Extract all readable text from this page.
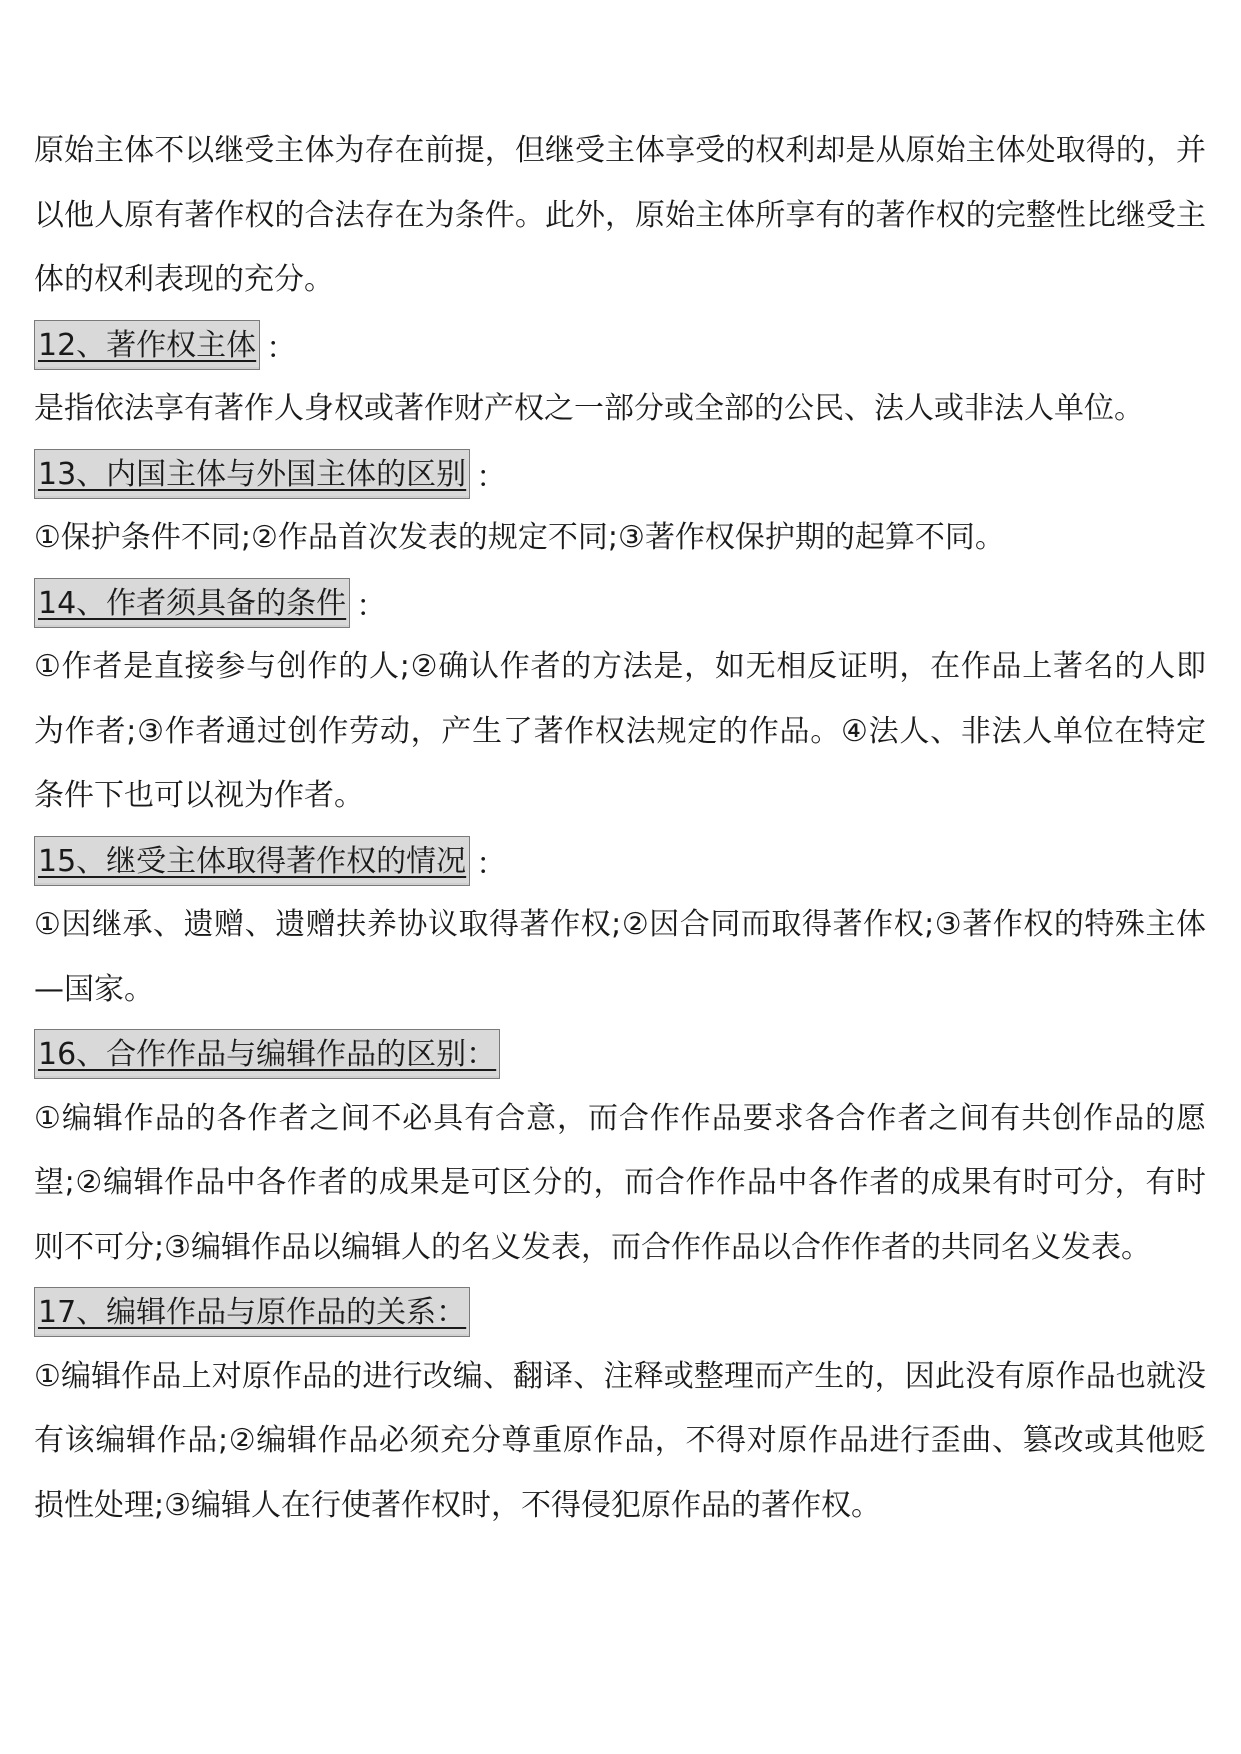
原始主体不以继受主体为存在前提，但继受主体享受的权利却是从原始主体处取得的，并以他人原有著作权的合法存在为条件。此外，原始主体所享有的著作权的完整性比继受主体的权利表现的充分。

12、著作权主体 ：

是指依法享有著作人身权或著作财产权之一部分或全部的公民、法人或非法人单位。

13、内国主体与外国主体的区别 ：

①保护条件不同;②作品首次发表的规定不同;③著作权保护期的起算不同。

14、作者须具备的条件 ：

①作者是直接参与创作的人;②确认作者的方法是，如无相反证明，在作品上著名的人即为作者;③作者通过创作劳动，产生了著作权法规定的作品。④法人、非法人单位在特定条件下也可以视为作者。

15、继受主体取得著作权的情况 ：

①因继承、遗赠、遗赠扶养协议取得著作权;②因合同而取得著作权;③著作权的特殊主体—国家。

16、合作作品与编辑作品的区别：

①编辑作品的各作者之间不必具有合意，而合作作品要求各合作者之间有共创作品的愿望;②编辑作品中各作者的成果是可区分的，而合作作品中各作者的成果有时可分，有时则不可分;③编辑作品以编辑人的名义发表，而合作作品以合作作者的共同名义发表。

17、编辑作品与原作品的关系：

①编辑作品上对原作品的进行改编、翻译、注释或整理而产生的，因此没有原作品也就没有该编辑作品;②编辑作品必须充分尊重原作品，不得对原作品进行歪曲、篡改或其他贬损性处理;③编辑人在行使著作权时，不得侵犯原作品的著作权。
